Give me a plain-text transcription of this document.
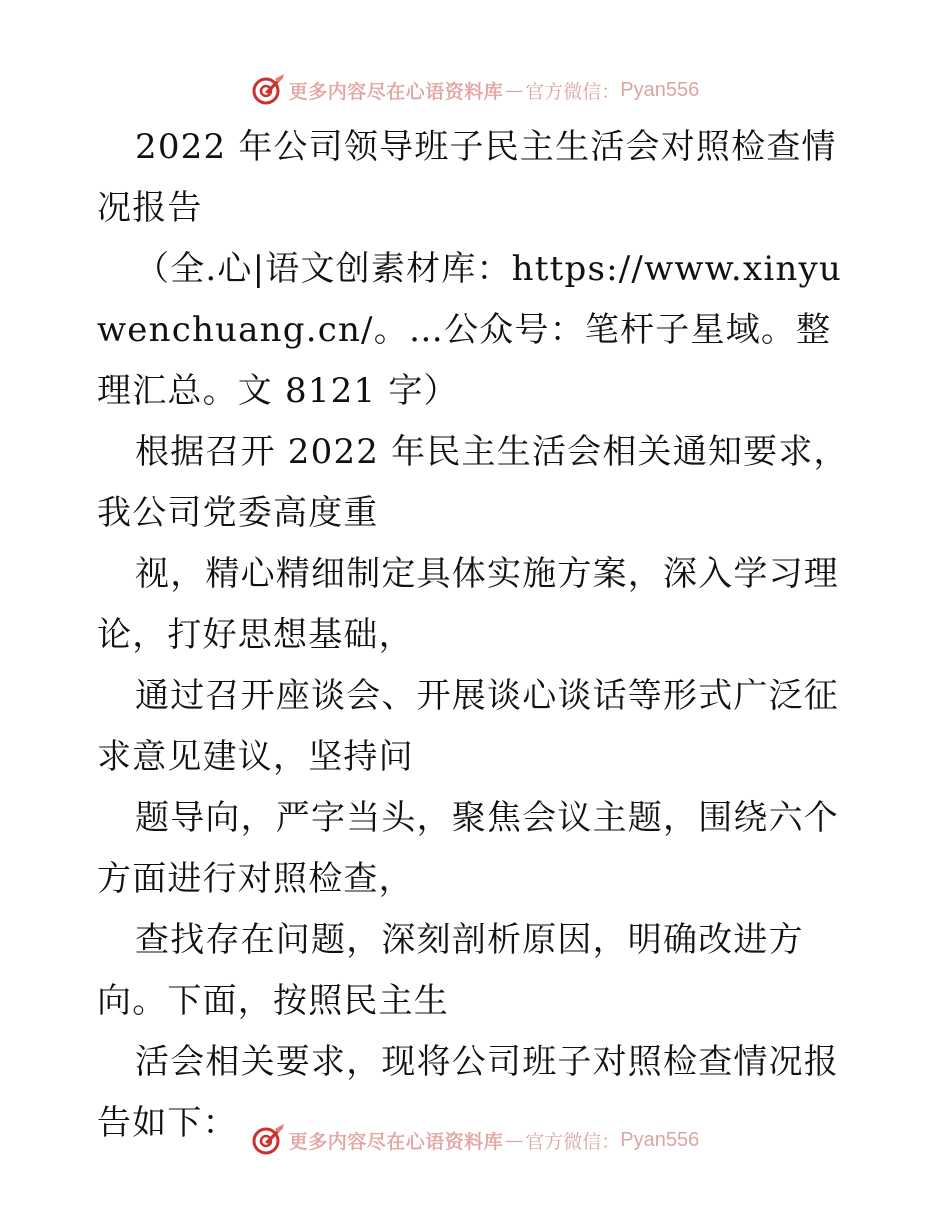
更多内容尽在心语资料库 — 官方微信： Pyan556

2022 年公司领导班子民主生活会对照检查情况报告

（全.心|语文创素材库：https://www.xinyuwenchuang.cn/。…公众号：笔杆子星域。整理汇总。文 8121 字）

根据召开 2022 年民主生活会相关通知要求，我公司党委高度重

视，精心精细制定具体实施方案，深入学习理论，打好思想基础，

通过召开座谈会、开展谈心谈话等形式广泛征求意见建议，坚持问

题导向，严字当头，聚焦会议主题，围绕六个方面进行对照检查，

查找存在问题，深刻剖析原因，明确改进方向。下面，按照民主生

活会相关要求，现将公司班子对照检查情况报告如下：	更多内容尽在心语资料库 — 官方微信： Pyan556
